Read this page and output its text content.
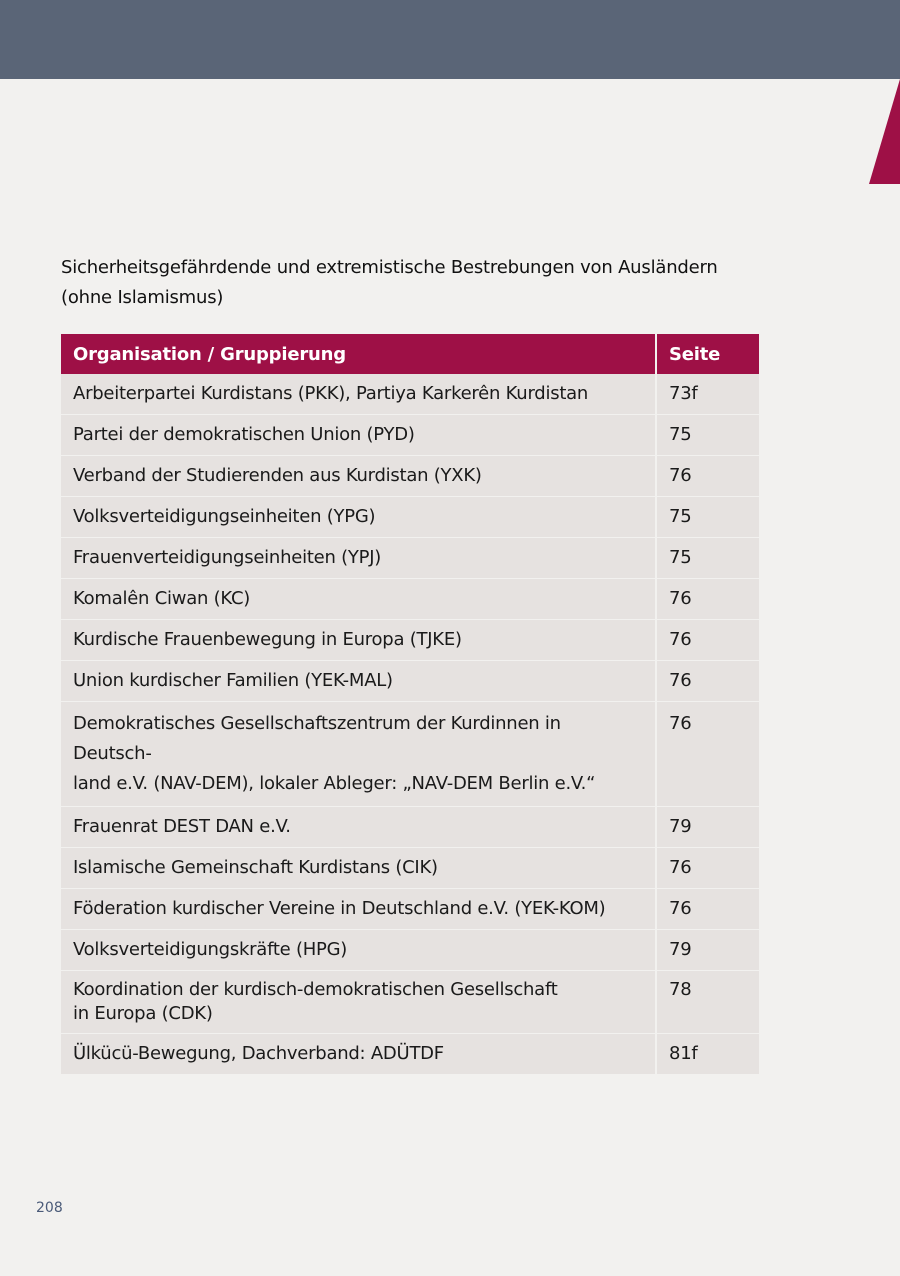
Sicherheitsgefährdende und extremistische Bestrebungen von Ausländern
(ohne Islamismus)
Organisation / Gruppierung	Seite

Arbeiterpartei Kurdistans (PKK), Partiya Karkerên Kurdistan	73f

Partei der demokratischen Union (PYD)	75

Verband der Studierenden aus Kurdistan (YXK)	76

Volksverteidigungseinheiten (YPG)	75

Frauenverteidigungseinheiten (YPJ)	75

Komalên Ciwan (KC)	76

Kurdische Frauenbewegung in Europa (TJKE)	76

Union kurdischer Familien (YEK-MAL)	76

Demokratisches Gesellschaftszentrum der Kurdinnen in Deutsch-
land e.V. (NAV-DEM), lokaler Ableger: „NAV-DEM Berlin e.V.“	76

Frauenrat DEST DAN e.V.	79

Islamische Gemeinschaft Kurdistans (CIK)	76

Föderation kurdischer Vereine in Deutschland e.V. (YEK-KOM)	76

Volksverteidigungskräfte (HPG)	79

Koordination der kurdisch-demokratischen Gesellschaft
in Europa (CDK)	78

Ülkücü-Bewegung, Dachverband: ADÜTDF	81f
208
